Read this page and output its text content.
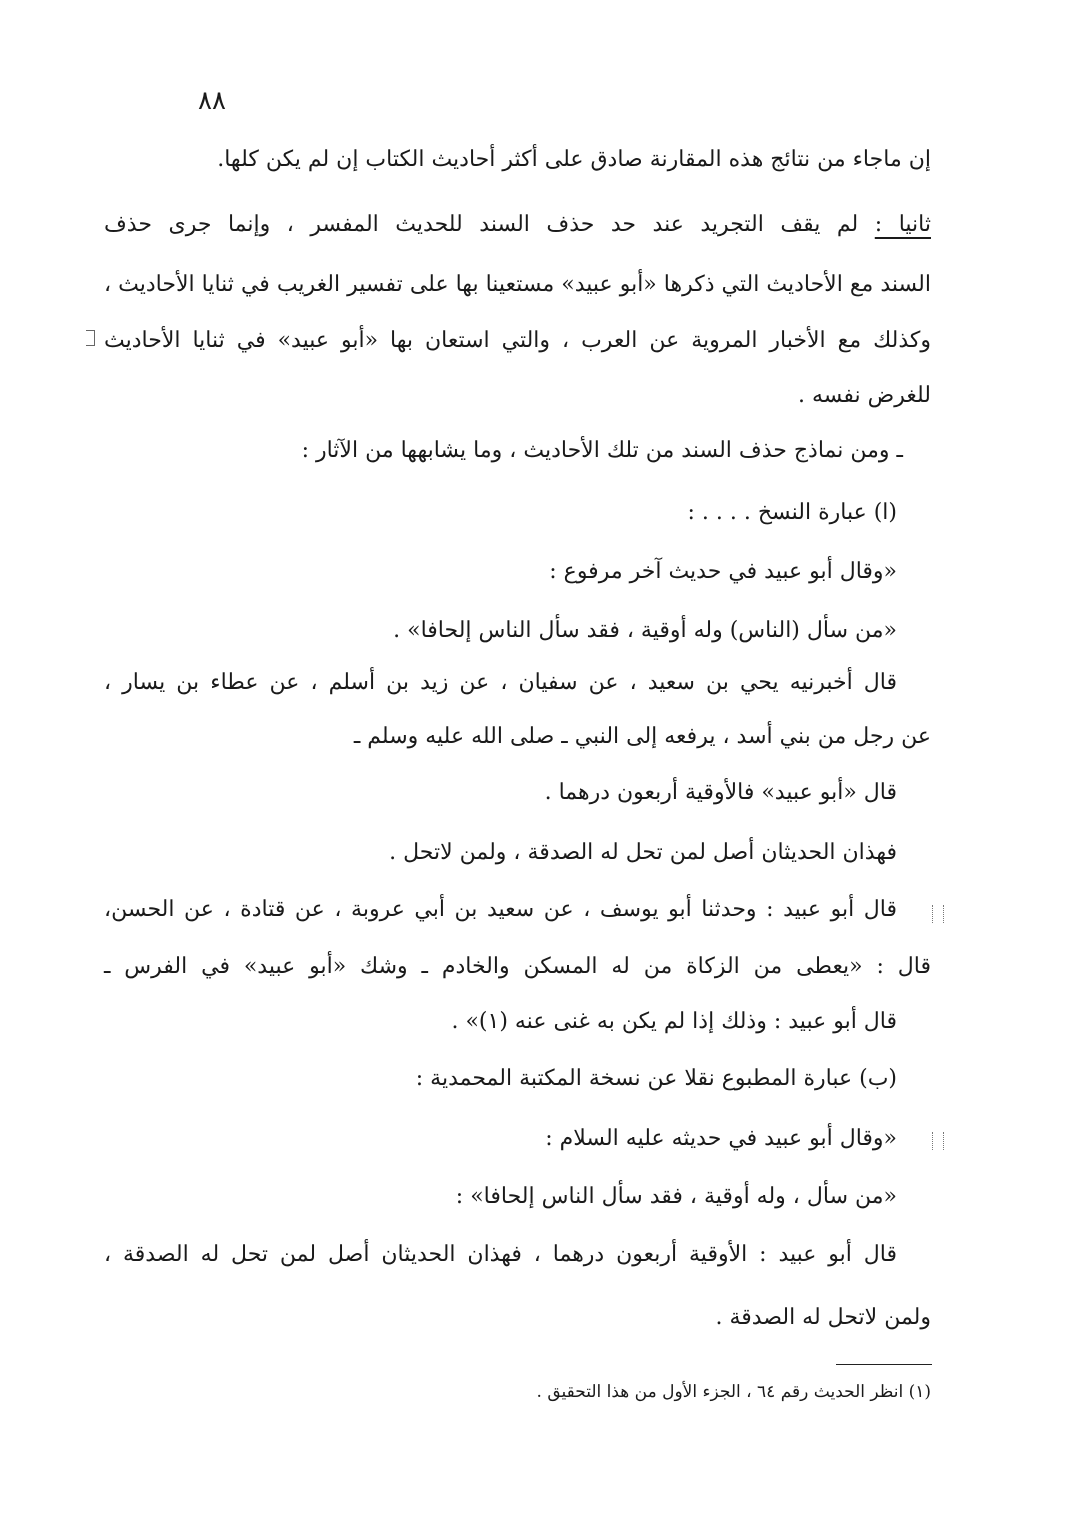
٨٨
إن ماجاء من نتائج هذه المقارنة صادق على أكثر أحاديث الكتاب إن لم يكن كلها.
ثانيا : لم يقف التجريد عند حد حذف السند للحديث المفسر ، وإنما جرى حذف
السند مع الأحاديث التي ذكرها «أبو عبيد» مستعينا بها على تفسير الغريب في ثنايا الأحاديث ،
وكذلك مع الأخبار المروية عن العرب ، والتي استعان بها «أبو عبيد» في ثنايا الأحاديث
للغرض نفسه .
ـ ومن نماذج حذف السند من تلك الأحاديث ، وما يشابهها من الآثار :
(ا) عبارة النسخ . . . . :
«وقال أبو عبيد في حديث آخر مرفوع :
«من سأل (الناس) وله أوقية ، فقد سأل الناس إلحافا» .
قال أخبرنيه يحي بن سعيد ، عن سفيان ، عن زيد بن أسلم ، عن عطاء بن يسار ،
عن رجل من بني أسد ، يرفعه إلى النبي ـ صلى الله عليه وسلم ـ
قال «أبو عبيد» فالأوقية أربعون درهما .
فهذان الحديثان أصل لمن تحل له الصدقة ، ولمن لاتحل .
قال أبو عبيد : وحدثنا أبو يوسف ، عن سعيد بن أبي عروبة ، عن قتادة ، عن الحسن،
قال : «يعطى من الزكاة من له المسكن والخادم ـ وشك «أبو عبيد» في الفرس ـ
قال أبو عبيد : وذلك إذا لم يكن به غنى عنه (١)» .
(ب) عبارة المطبوع نقلا عن نسخة المكتبة المحمدية :
«وقال أبو عبيد في حديثه عليه السلام :
«من سأل ، وله أوقية ، فقد سأل الناس إلحافا» :
قال أبو عبيد : الأوقية أربعون درهما ، فهذان الحديثان أصل لمن تحل له الصدقة ،
ولمن لاتحل له الصدقة .
(١) انظر الحديث رقم ٦٤ ، الجزء الأول من هذا التحقيق .
